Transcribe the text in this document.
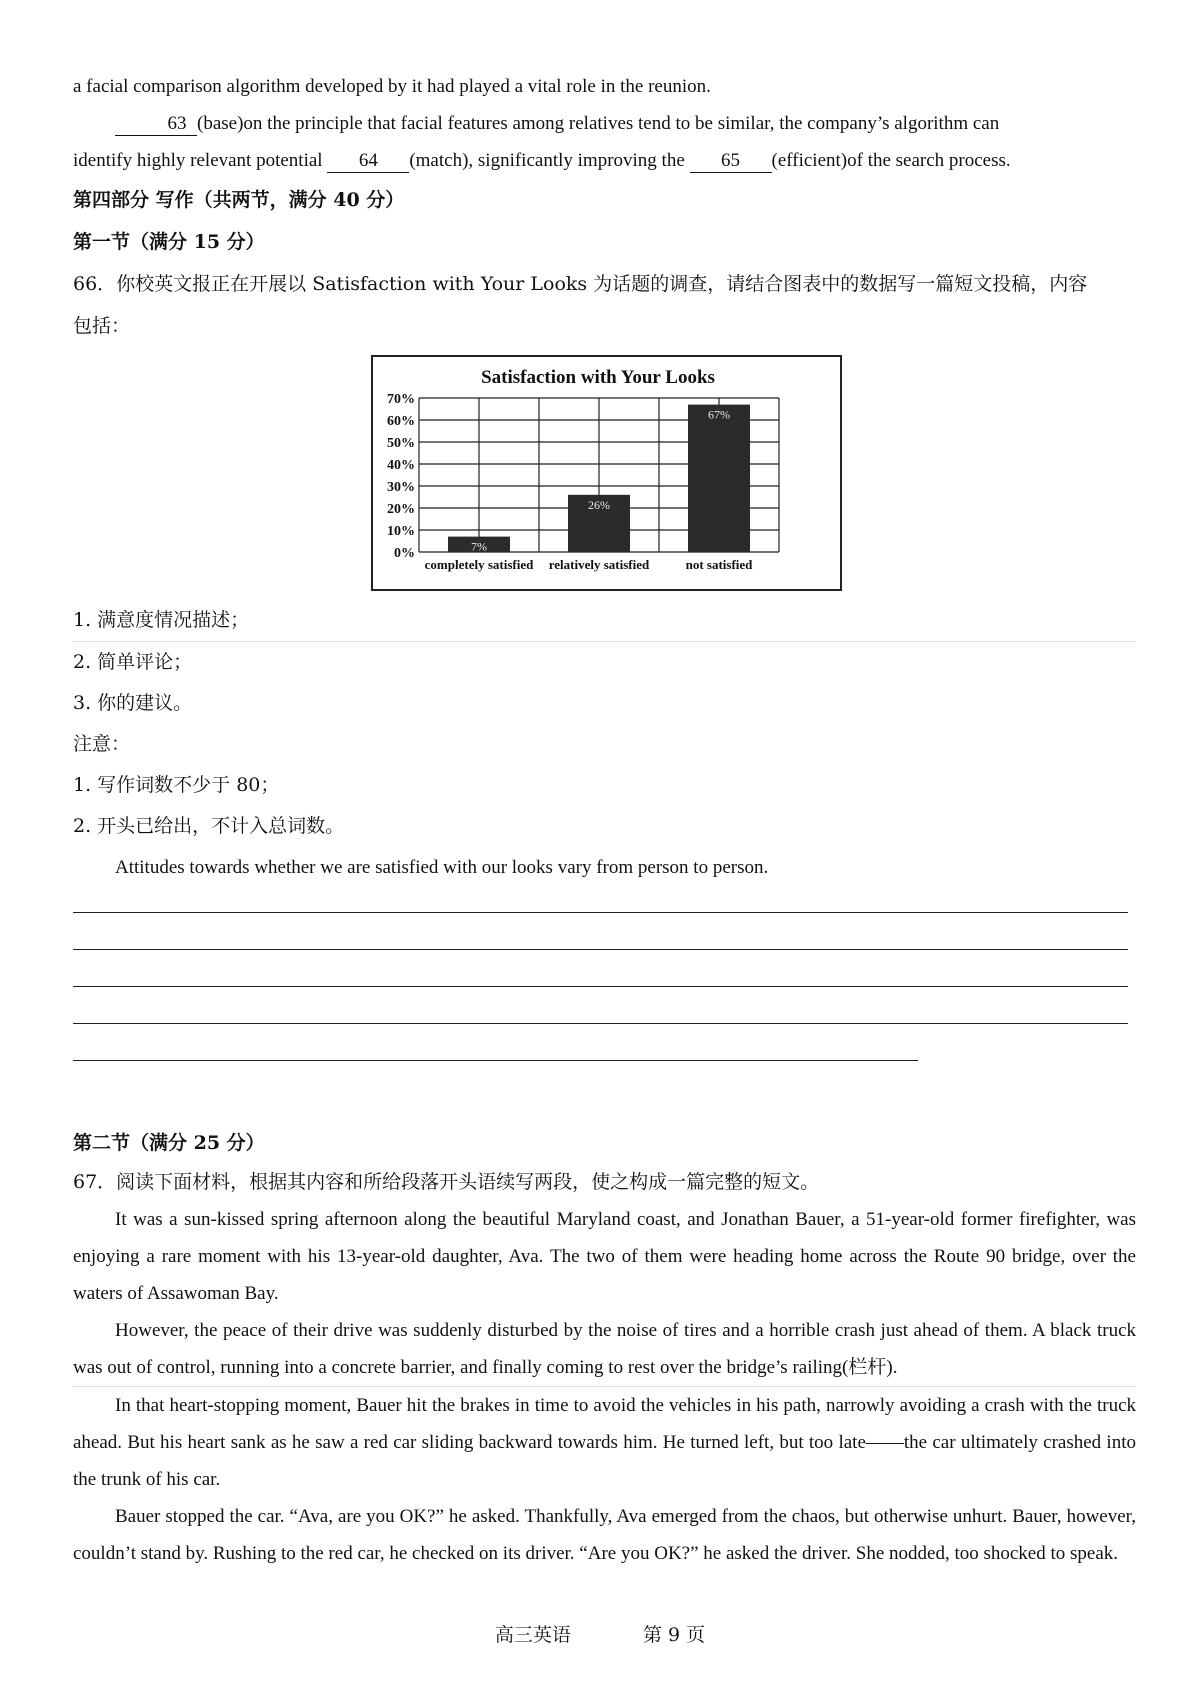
a facial comparison algorithm developed by it had played a vital role in the reunion.

63 (base)on the principle that facial features among relatives tend to be similar, the company’s algorithm can

identify highly relevant potential 64 (match), significantly improving the 65 (efficient)of the search process.

第四部分 写作（共两节，满分 40 分）

第一节（满分 15 分）

66．你校英文报正在开展以 Satisfaction with Your Looks 为话题的调查，请结合图表中的数据写一篇短文投稿，内容

包括：

Satisfaction with Your Looks
0%
10%
20%
30%
40%
50%
60%
70%
7%
completely satisfied
26%
relatively satisfied
67%
not satisfied

1. 满意度情况描述；

2. 简单评论；

3. 你的建议。

注意：

1. 写作词数不少于 80；

2. 开头已给出，不计入总词数。

Attitudes towards whether we are satisfied with our looks vary from person to person.

第二节（满分 25 分）

67．阅读下面材料，根据其内容和所给段落开头语续写两段，使之构成一篇完整的短文。

It was a sun-kissed spring afternoon along the beautiful Maryland coast, and Jonathan Bauer, a 51-year-old former firefighter, was enjoying a rare moment with his 13-year-old daughter, Ava. The two of them were heading home across the Route 90 bridge, over the waters of Assawoman Bay.

However, the peace of their drive was suddenly disturbed by the noise of tires and a horrible crash just ahead of them. A black truck was out of control, running into a concrete barrier, and finally coming to rest over the bridge’s railing(栏杆).

In that heart-stopping moment, Bauer hit the brakes in time to avoid the vehicles in his path, narrowly avoiding a crash with the truck ahead. But his heart sank as he saw a red car sliding backward towards him. He turned left, but too late——the car ultimately crashed into the trunk of his car.

Bauer stopped the car. “Ava, are you OK?” he asked. Thankfully, Ava emerged from the chaos, but otherwise unhurt. Bauer, however, couldn’t stand by. Rushing to the red car, he checked on its driver. “Are you OK?” he asked the driver. She nodded, too shocked to speak.

高三英语	第 9 页
